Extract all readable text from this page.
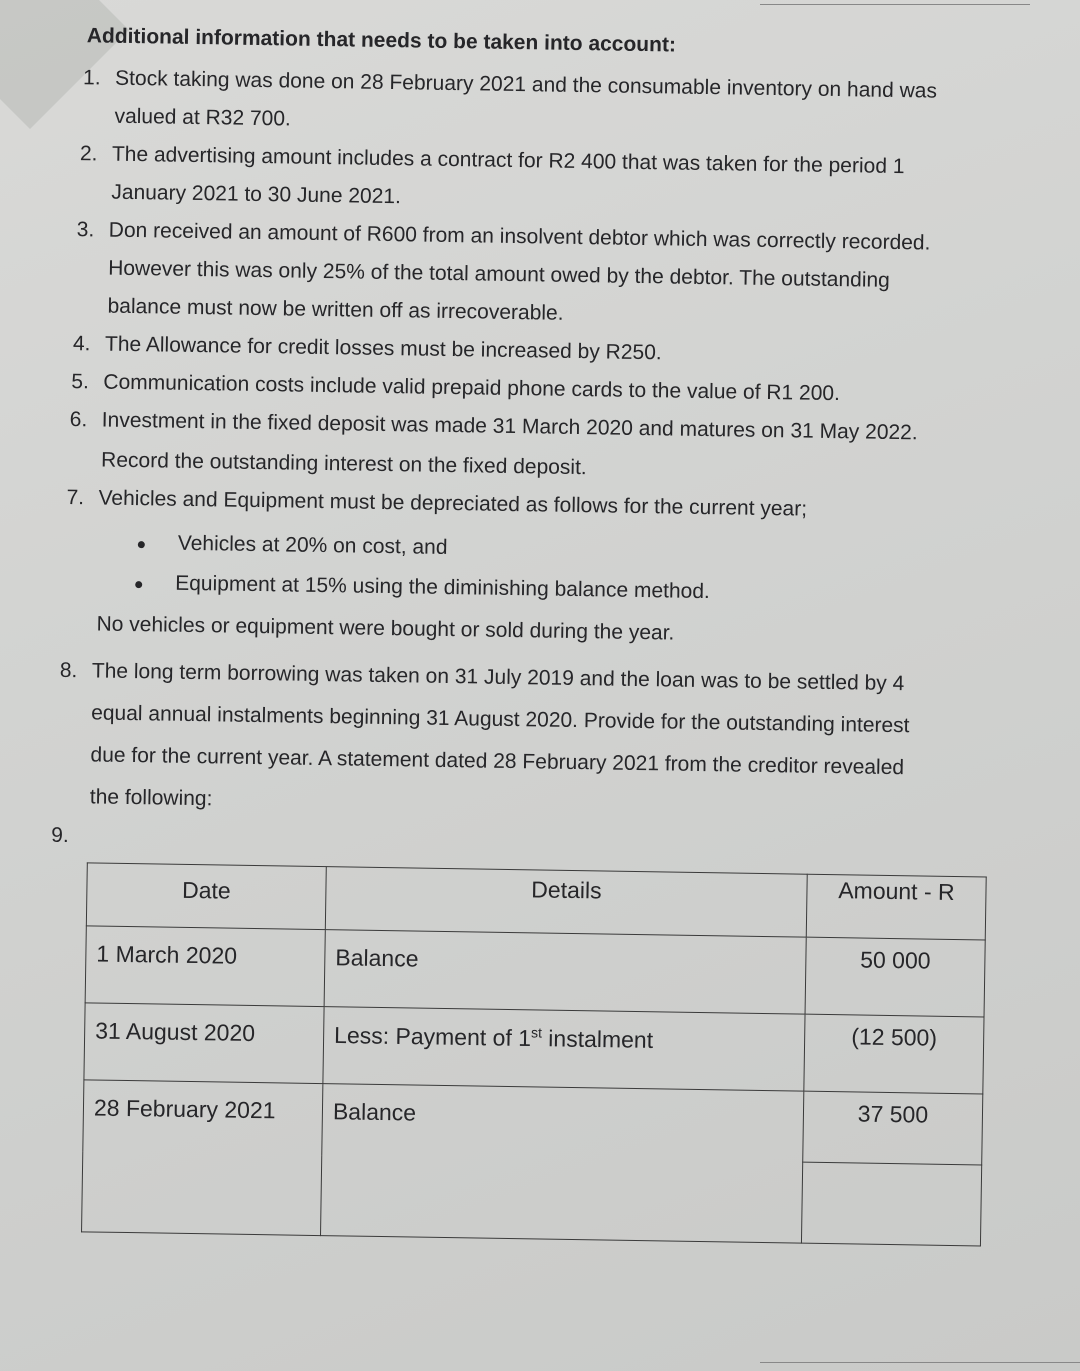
Additional information that needs to be taken into account:
1. Stock taking was done on 28 February 2021 and the consumable inventory on hand was
valued at R32 700.
2. The advertising amount includes a contract for R2 400 that was taken for the period 1
January 2021 to 30 June 2021.
3. Don received an amount of R600 from an insolvent debtor which was correctly recorded.
However this was only 25% of the total amount owed by the debtor. The outstanding
balance must now be written off as irrecoverable.
4. The Allowance for credit losses must be increased by R250.
5. Communication costs include valid prepaid phone cards to the value of R1 200.
6. Investment in the fixed deposit was made 31 March 2020 and matures on 31 May 2022.
Record the outstanding interest on the fixed deposit.
7. Vehicles and Equipment must be depreciated as follows for the current year;
Vehicles at 20% on cost, and
Equipment at 15% using the diminishing balance method.
No vehicles or equipment were bought or sold during the year.
8. The long term borrowing was taken on 31 July 2019 and the loan was to be settled by 4
equal annual instalments beginning 31 August 2020. Provide for the outstanding interest
due for the current year. A statement dated 28 February 2021 from the creditor revealed
the following:
9.
Date	Details	Amount - R
1 March 2020	Balance	50 000
31 August 2020	Less: Payment of 1st instalment	(12 500)
28 February 2021	Balance	37 500
